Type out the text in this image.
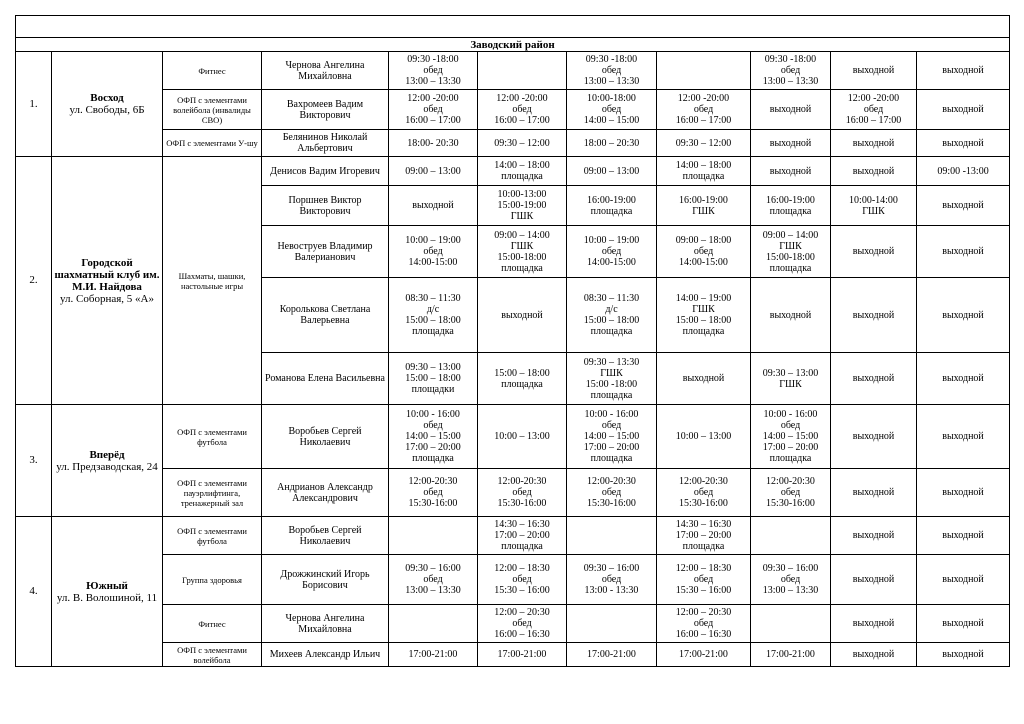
Заводский район										
1.	Восход
ул. Свободы, 6Б	Фитнес	Чернова Ангелина Михайловна	09:30 -18:00
обед
13:00 – 13:30		09:30 -18:00
обед
13:00 – 13:30		09:30 -18:00
обед
13:00 – 13:30	выходной	выходной

		ОФП с элементами волейбола (инвалиды СВО)	Вахромеев Вадим Викторович	12:00 -20:00
обед
16:00 – 17:00	12:00 -20:00
обед
16:00 – 17:00	10:00-18:00
обед
14:00 – 15:00	12:00 -20:00
обед
16:00 – 17:00	выходной	12:00 -20:00
обед
16:00 – 17:00	выходной

		ОФП с элементами У-шу	Белянинов Николай Альбертович	18:00- 20:30	09:30 – 12:00	18:00 – 20:30	09:30 – 12:00	выходной	выходной	выходной

2.	Городской шахматный клуб им. М.И. Найдова
ул. Соборная, 5 «А»	Шахматы, шашки, настольные игры	Денисов Вадим Игоревич	09:00 – 13:00	14:00 – 18:00
площадка	09:00 – 13:00	14:00 – 18:00
площадка	выходной	выходной	09:00 -13:00

			Поршнев Виктор Викторович	выходной	10:00-13:00
15:00-19:00
ГШК	16:00-19:00
площадка	16:00-19:00
ГШК	16:00-19:00
площадка	10:00-14:00
ГШК	выходной

			Невоструев Владимир Валерианович	10:00 – 19:00
обед
14:00-15:00	09:00 – 14:00
ГШК
15:00-18:00
площадка	10:00 – 19:00
обед
14:00-15:00	09:00 – 18:00
обед
14:00-15:00	09:00 – 14:00
ГШК
15:00-18:00
площадка	выходной	выходной

			Королькова Светлана Валерьевна	08:30 – 11:30
д/с
15:00 – 18:00
площадка	выходной	08:30 – 11:30
д/с
15:00 – 18:00
площадка	14:00 – 19:00
ГШК
15:00 – 18:00
площадка	выходной	выходной	выходной

			Романова Елена Васильевна	09:30 – 13:00
15:00 – 18:00
площадки	15:00 – 18:00
площадка	09:30 – 13:30
ГШК
15:00 -18:00
площадка	выходной	09:30 – 13:00
ГШК	выходной	выходной

3.	Вперёд
ул. Предзаводская, 24	ОФП с элементами футбола	Воробьев Сергей Николаевич	10:00 - 16:00
обед
14:00 – 15:00
17:00 – 20:00
площадка	10:00 – 13:00	10:00 - 16:00
обед
14:00 – 15:00
17:00 – 20:00
площадка	10:00 – 13:00	10:00 - 16:00
обед
14:00 – 15:00
17:00 – 20:00
площадка	выходной	выходной

		ОФП с элементами пауэрлифтинга, тренажерный зал	Андрианов Александр Александрович	12:00-20:30
обед
15:30-16:00	12:00-20:30
обед
15:30-16:00	12:00-20:30
обед
15:30-16:00	12:00-20:30
обед
15:30-16:00	12:00-20:30
обед
15:30-16:00	выходной	выходной

4.	Южный
ул. В. Волошиной, 11	ОФП с элементами футбола	Воробьев Сергей Николаевич		14:30 – 16:30
17:00 – 20:00
площадка		14:30 – 16:30
17:00 – 20:00
площадка		выходной	выходной

		Группа здоровья	Дрожжинский Игорь Борисович	09:30 – 16:00
обед
13:00 – 13:30	12:00 – 18:30
обед
15:30 – 16:00	09:30 – 16:00
обед
13:00 - 13:30	12:00 – 18:30
обед
15:30 – 16:00	09:30 – 16:00
обед
13:00 – 13:30	выходной	выходной

		Фитнес	Чернова Ангелина Михайловна		12:00 – 20:30
обед
16:00 – 16:30		12:00 – 20:30
обед
16:00 – 16:30		выходной	выходной

		ОФП с элементами волейбола	Михеев Александр Ильич	17:00-21:00	17:00-21:00	17:00-21:00	17:00-21:00	17:00-21:00	выходной	выходной
